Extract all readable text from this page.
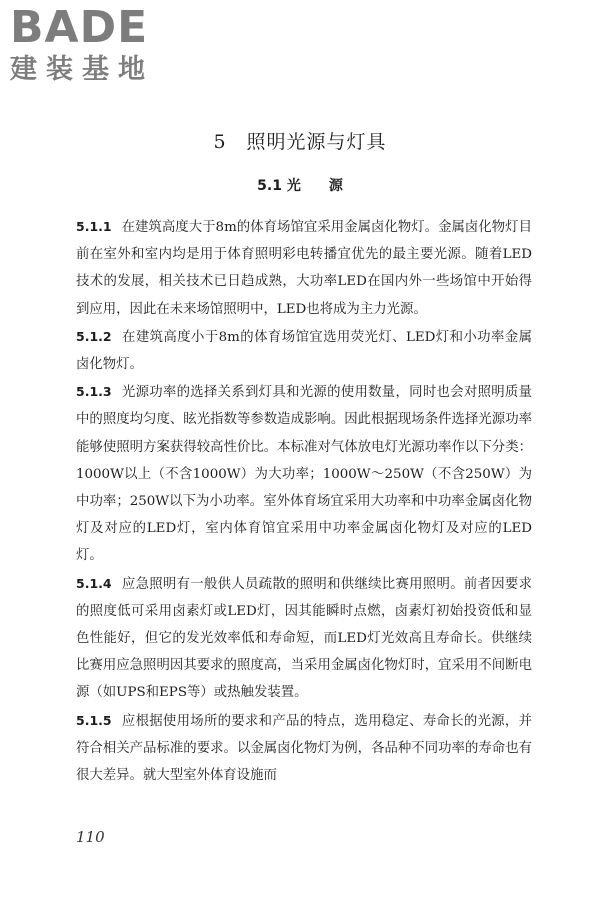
BADE
建装基地
5　照明光源与灯具
5.1 光　　源

5.1.1 在建筑高度大于8m的体育场馆宜采用金属卤化物灯。金属卤化物灯目前在室外和室内均是用于体育照明彩电转播宜优先的最主要光源。随着LED技术的发展，相关技术已日趋成熟，大功率LED在国内外一些场馆中开始得到应用，因此在未来场馆照明中，LED也将成为主力光源。

5.1.2 在建筑高度小于8m的体育场馆宜选用荧光灯、LED灯和小功率金属卤化物灯。

5.1.3 光源功率的选择关系到灯具和光源的使用数量，同时也会对照明质量中的照度均匀度、眩光指数等参数造成影响。因此根据现场条件选择光源功率能够使照明方案获得较高性价比。本标准对气体放电灯光源功率作以下分类：1000W以上（不含1000W）为大功率；1000W～250W（不含250W）为中功率；250W以下为小功率。室外体育场宜采用大功率和中功率金属卤化物灯及对应的LED灯，室内体育馆宜采用中功率金属卤化物灯及对应的LED灯。

5.1.4 应急照明有一般供人员疏散的照明和供继续比赛用照明。前者因要求的照度低可采用卤素灯或LED灯，因其能瞬时点燃，卤素灯初始投资低和显色性能好，但它的发光效率低和寿命短，而LED灯光效高且寿命长。供继续比赛用应急照明因其要求的照度高，当采用金属卤化物灯时，宜采用不间断电源（如UPS和EPS等）或热触发装置。

5.1.5 应根据使用场所的要求和产品的特点，选用稳定、寿命长的光源，并符合相关产品标准的要求。以金属卤化物灯为例，各品种不同功率的寿命也有很大差异。就大型室外体育设施而

110
